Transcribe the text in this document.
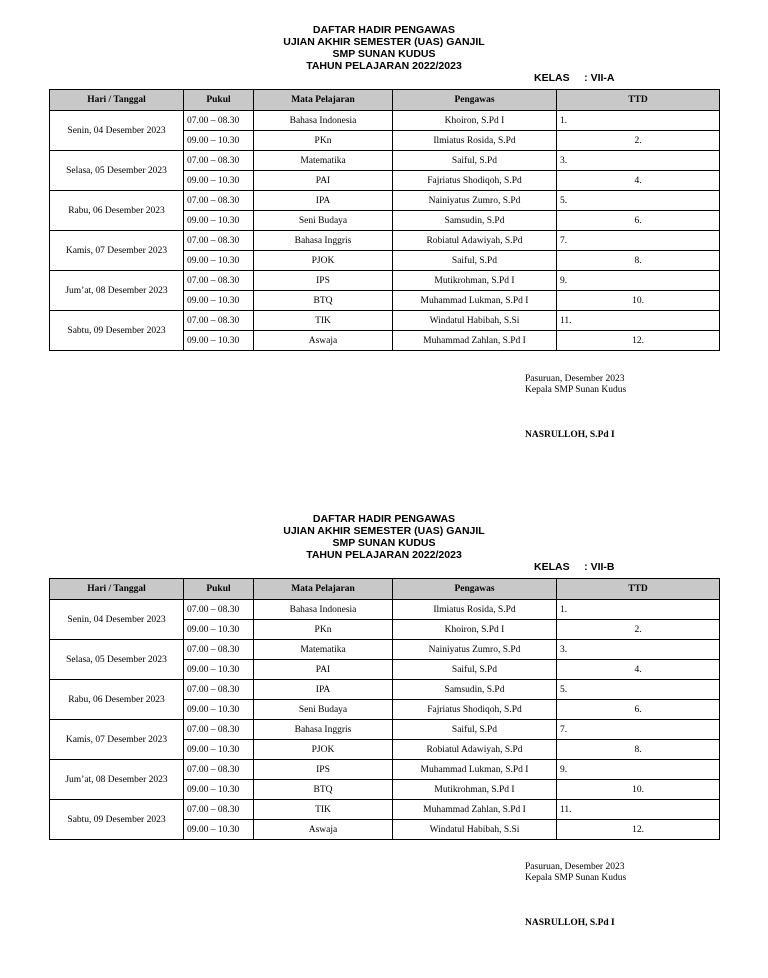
DAFTAR HADIR PENGAWAS
UJIAN AKHIR SEMESTER (UAS) GANJIL
SMP SUNAN KUDUS
TAHUN PELAJARAN 2022/2023
KELAS     : VII-A
Hari / Tanggal	Pukul	Mata Pelajaran	Pengawas	TTD
Senin, 04 Desember 2023	07.00 – 08.30	Bahasa Indonesia	Khoiron, S.Pd I	1.
	09.00 – 10.30	PKn	Ilmiatus Rosida, S.Pd	2.
Selasa, 05 Desember 2023	07.00 – 08.30	Matematika	Saiful, S.Pd	3.
	09.00 – 10.30	PAI	Fajriatus Shodiqoh, S.Pd	4.
Rabu, 06 Desember 2023	07.00 – 08.30	IPA	Nainiyatus Zumro, S.Pd	5.
	09.00 – 10.30	Seni Budaya	Samsudin, S.Pd	6.
Kamis, 07 Desember 2023	07.00 – 08.30	Bahasa Inggris	Robiatul Adawiyah, S.Pd	7.
	09.00 – 10.30	PJOK	Saiful, S.Pd	8.
Jum’at, 08 Desember 2023	07.00 – 08.30	IPS	Mutikrohman, S.Pd I	9.
	09.00 – 10.30	BTQ	Muhammad Lukman, S.Pd I	10.
Sabtu, 09 Desember 2023	07.00 – 08.30	TIK	Windatul Habibah, S.Si	11.
	09.00 – 10.30	Aswaja	Muhammad Zahlan, S.Pd I	12.
Pasuruan, Desember 2023
Kepala SMP Sunan Kudus
NASRULLOH, S.Pd I
DAFTAR HADIR PENGAWAS
UJIAN AKHIR SEMESTER (UAS) GANJIL
SMP SUNAN KUDUS
TAHUN PELAJARAN 2022/2023
KELAS     : VII-B
Hari / Tanggal	Pukul	Mata Pelajaran	Pengawas	TTD
Senin, 04 Desember 2023	07.00 – 08.30	Bahasa Indonesia	Ilmiatus Rosida, S.Pd	1.
	09.00 – 10.30	PKn	Khoiron, S.Pd I	2.
Selasa, 05 Desember 2023	07.00 – 08.30	Matematika	Nainiyatus Zumro, S.Pd	3.
	09.00 – 10.30	PAI	Saiful, S.Pd	4.
Rabu, 06 Desember 2023	07.00 – 08.30	IPA	Samsudin, S.Pd	5.
	09.00 – 10.30	Seni Budaya	Fajriatus Shodiqoh, S.Pd	6.
Kamis, 07 Desember 2023	07.00 – 08.30	Bahasa Inggris	Saiful, S.Pd	7.
	09.00 – 10.30	PJOK	Robiatul Adawiyah, S.Pd	8.
Jum’at, 08 Desember 2023	07.00 – 08.30	IPS	Muhammad Lukman, S.Pd I	9.
	09.00 – 10.30	BTQ	Mutikrohman, S.Pd I	10.
Sabtu, 09 Desember 2023	07.00 – 08.30	TIK	Muhammad Zahlan, S.Pd I	11.
	09.00 – 10.30	Aswaja	Windatul Habibah, S.Si	12.
Pasuruan, Desember 2023
Kepala SMP Sunan Kudus
NASRULLOH, S.Pd I
